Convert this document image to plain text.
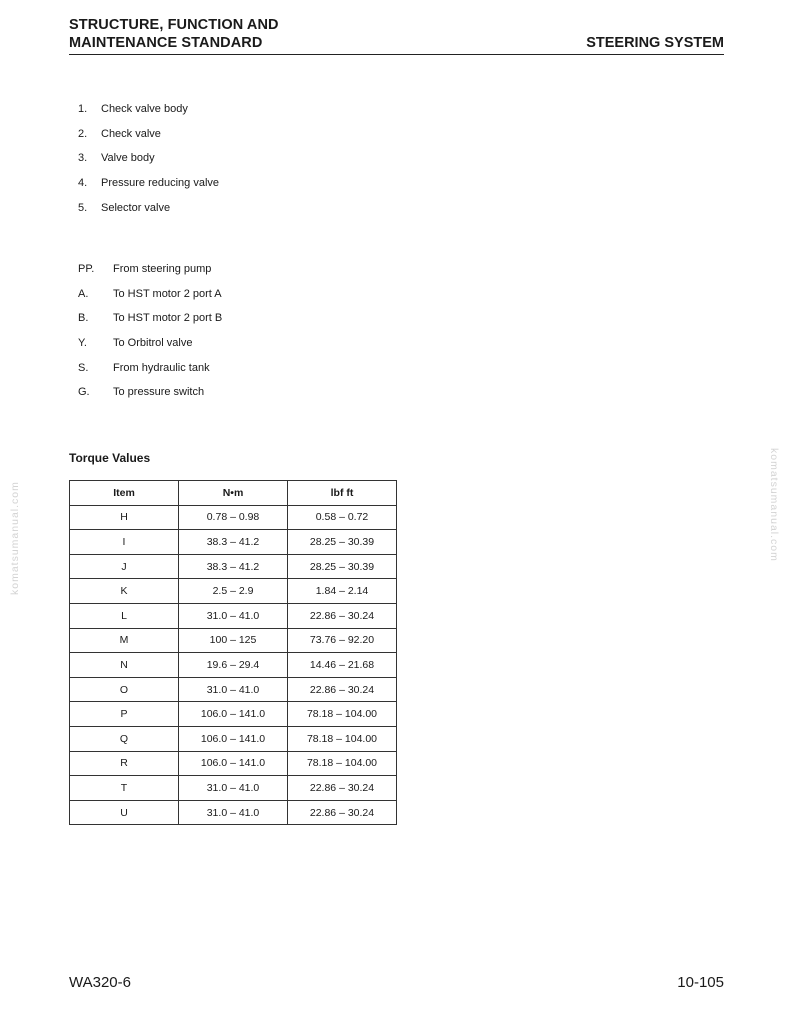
STRUCTURE, FUNCTION AND
MAINTENANCE STANDARD	STEERING SYSTEM
1. Check valve body
2. Check valve
3. Valve body
4. Pressure reducing valve
5. Selector valve
PP. From steering pump
A. To HST motor 2 port A
B. To HST motor 2 port B
Y. To Orbitrol valve
S. From hydraulic tank
G. To pressure switch
Torque Values
Item	N•m	lbf ft
H	0.78 – 0.98	0.58 – 0.72
I	38.3 – 41.2	28.25 – 30.39
J	38.3 – 41.2	28.25 – 30.39
K	2.5 – 2.9	1.84 – 2.14
L	31.0 – 41.0	22.86 – 30.24
M	100 – 125	73.76 – 92.20
N	19.6 – 29.4	14.46 – 21.68
O	31.0 – 41.0	22.86 – 30.24
P	106.0 – 141.0	78.18 – 104.00
Q	106.0 – 141.0	78.18 – 104.00
R	106.0 – 141.0	78.18 – 104.00
T	31.0 – 41.0	22.86 – 30.24
U	31.0 – 41.0	22.86 – 30.24
komatsumanual.com	komatsumanual.com
WA320-6	10-105
